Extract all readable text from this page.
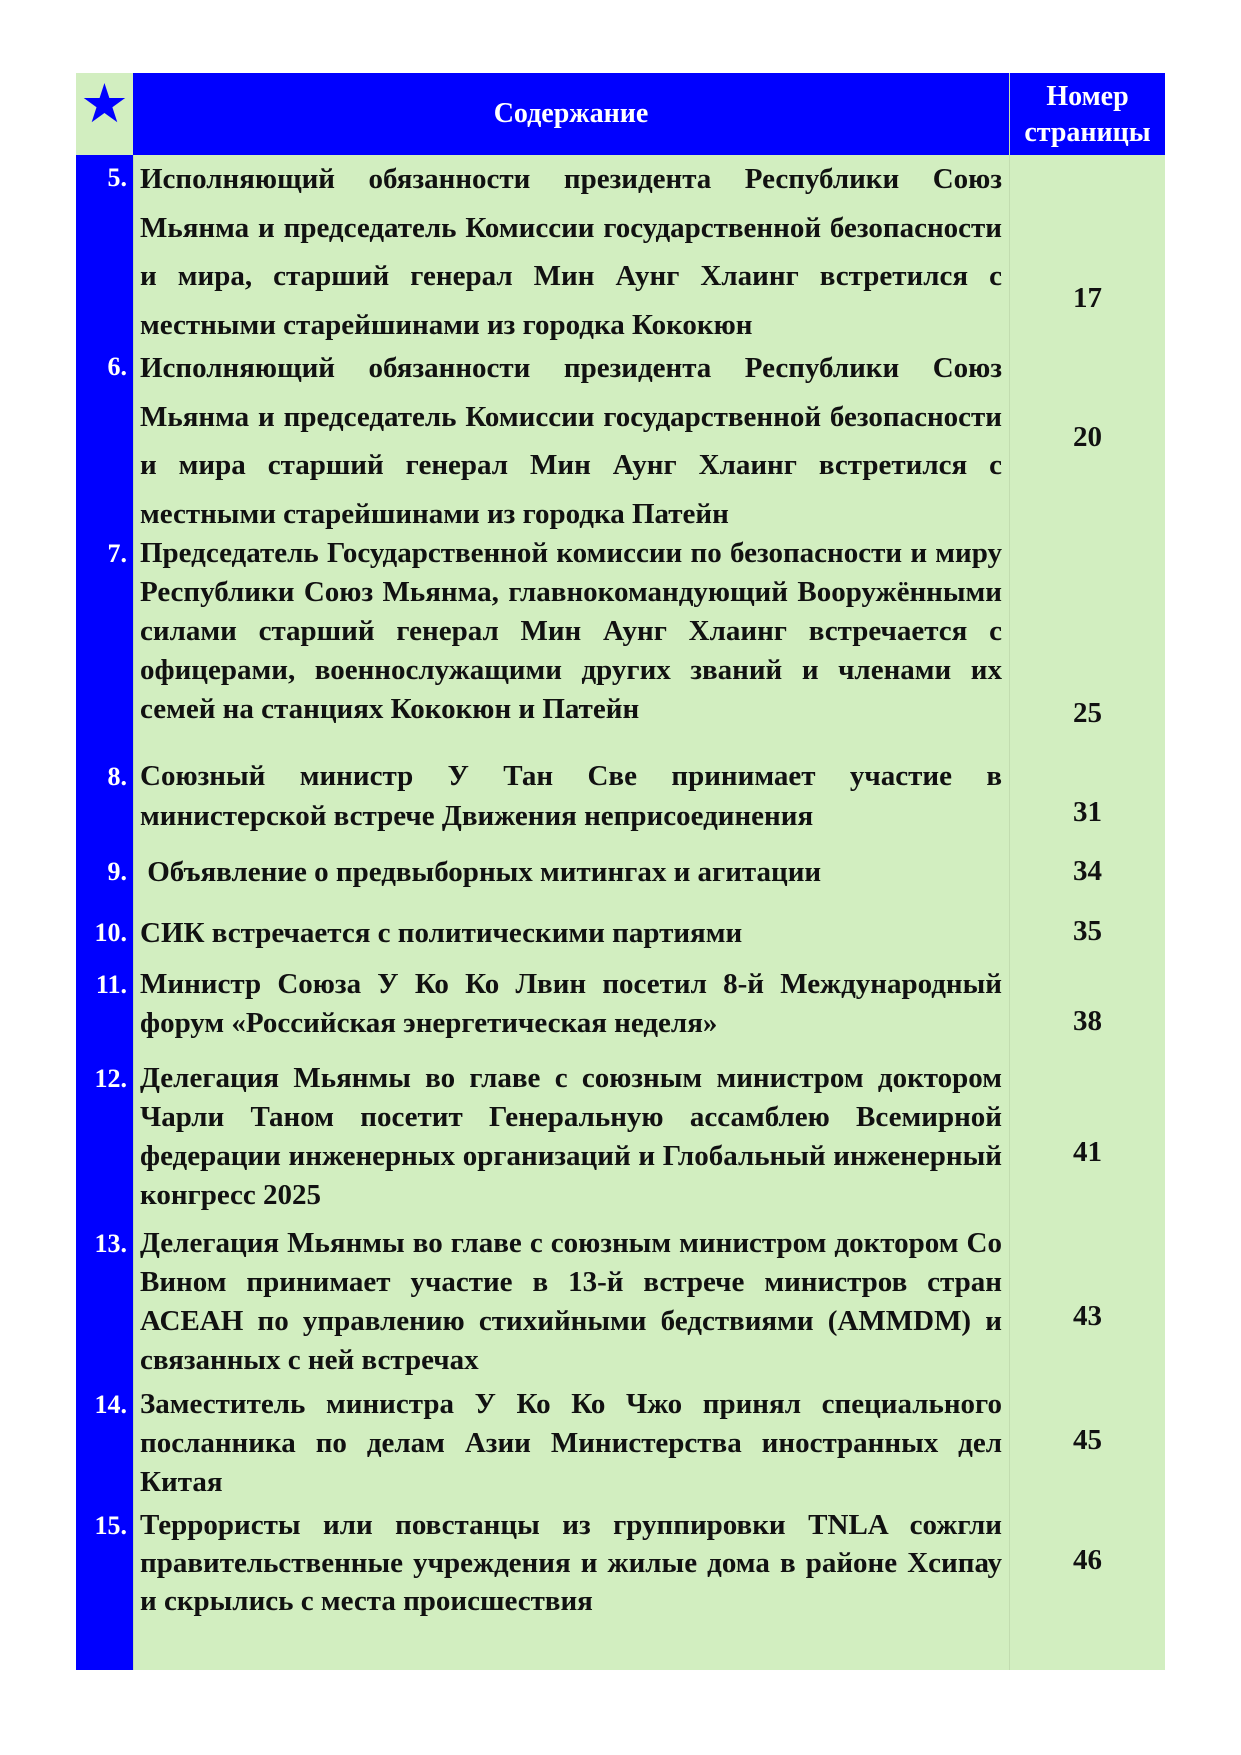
★	Содержание
Номер
страницы
5. Исполняющий обязанности президента Республики Союз Мьянма и председатель Комиссии государственной безопасности и мира, старший генерал Мин Аунг Хлаинг встретился с местными старейшинами из городка Кококюн
17
6. Исполняющий обязанности президента Республики Союз Мьянма и председатель Комиссии государственной безопасности и мира старший генерал Мин Аунг Хлаинг встретился с местными старейшинами из городка Патейн
20
7. Председатель Государственной комиссии по безопасности и миру Республики Союз Мьянма, главнокомандующий Вооружёнными силами старший генерал Мин Аунг Хлаинг встречается с офицерами, военнослужащими других званий и членами их семей на станциях Кококюн и Патейн	25
8. Союзный министр У Тан Све принимает участие в министерской встрече Движения неприсоединения	31
9. Объявление о предвыборных митингах и агитации	34
10. СИК встречается с политическими партиями	35
11. Министр Союза У Ко Ко Лвин посетил 8-й Международный форум «Российская энергетическая неделя»	38
12. Делегация Мьянмы во главе с союзным министром доктором Чарли Таном посетит Генеральную ассамблею Всемирной федерации инженерных организаций и Глобальный инженерный конгресс 2025
41
13. Делегация Мьянмы во главе с союзным министром доктором Со Вином принимает участие в 13-й встрече министров стран АСЕАН по управлению стихийными бедствиями (AMMDM) и связанных с ней встречах
43
14. Заместитель министра У Ко Ко Чжо принял специального посланника по делам Азии Министерства иностранных дел Китая
45
15. Террористы или повстанцы из группировки TNLA сожгли правительственные учреждения и жилые дома в районе Хсипау и скрылись с места происшествия
46
